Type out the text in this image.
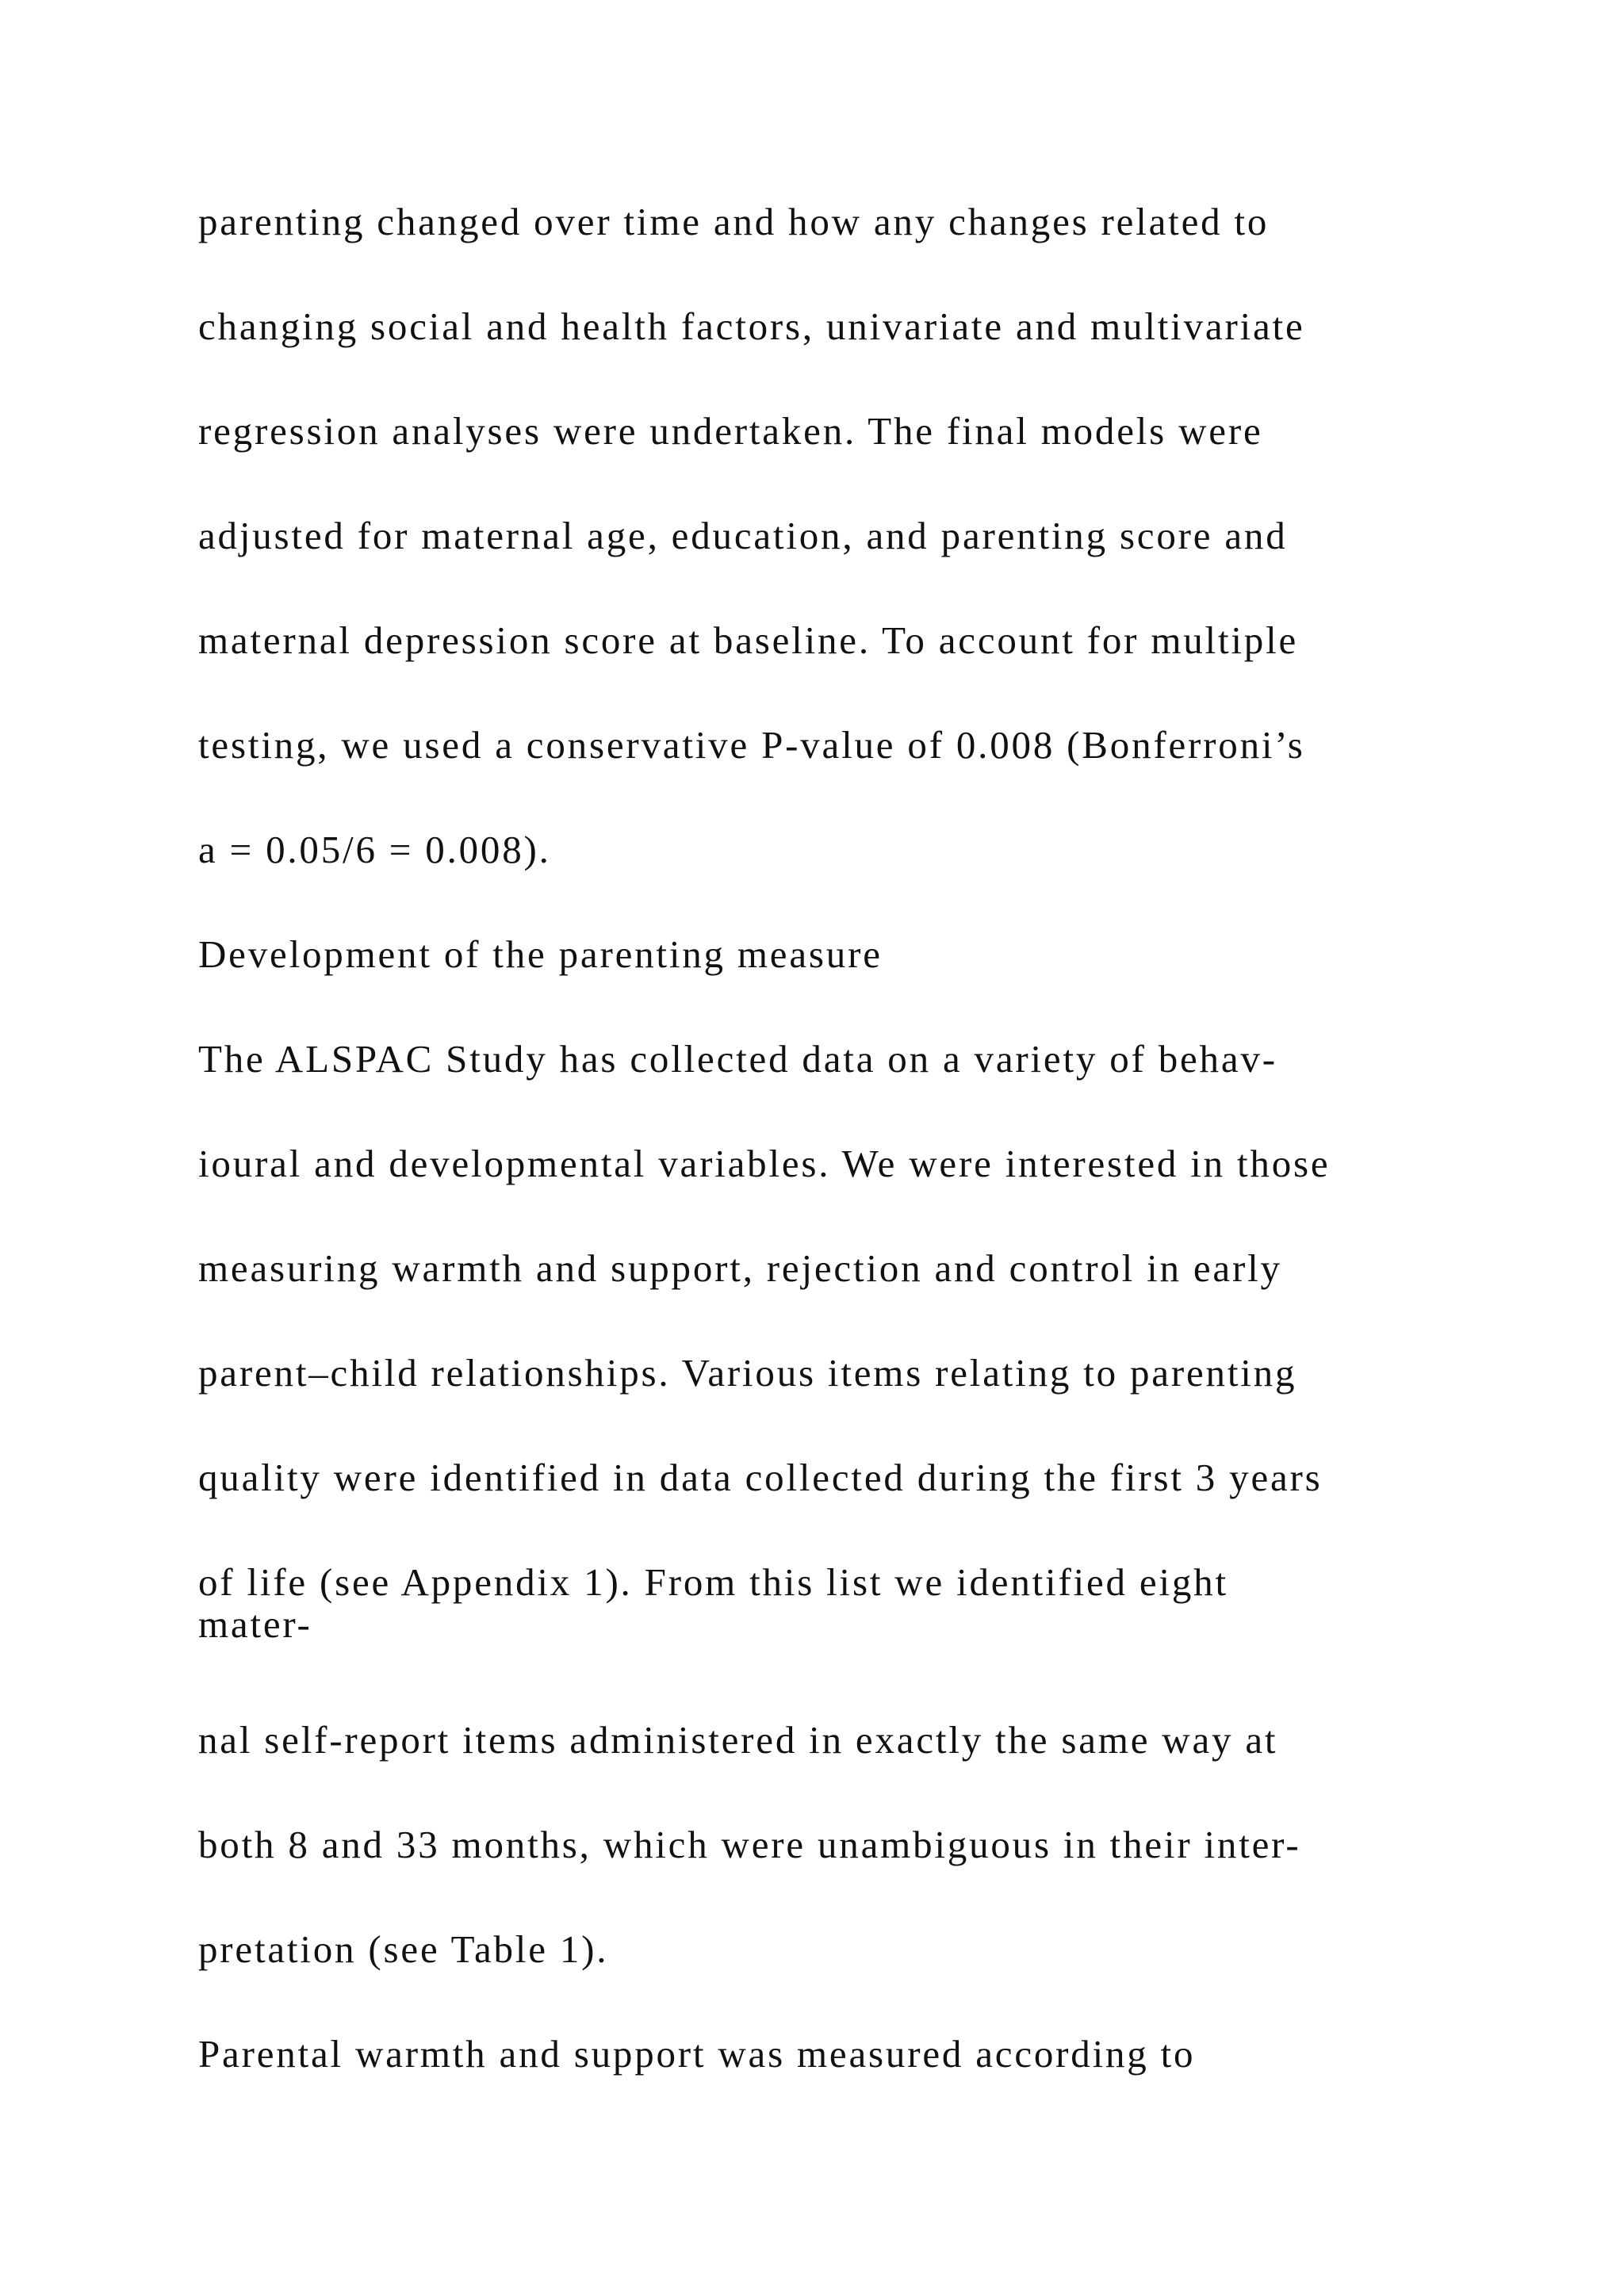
parenting changed over time and how any changes related to
changing social and health factors, univariate and multivariate
regression analyses were undertaken. The final models were
adjusted for maternal age, education, and parenting score and
maternal depression score at baseline. To account for multiple
testing, we used a conservative P-value of 0.008 (Bonferroni’s
a = 0.05/6 = 0.008).
Development of the parenting measure
The ALSPAC Study has collected data on a variety of behav-
ioural and developmental variables. We were interested in those
measuring warmth and support, rejection and control in early
parent–child relationships. Various items relating to parenting
quality were identified in data collected during the first 3 years
of life (see Appendix 1). From this list we identified eight
mater-
nal self-report items administered in exactly the same way at
both 8 and 33 months, which were unambiguous in their inter-
pretation (see Table 1).
Parental warmth and support was measured according to
